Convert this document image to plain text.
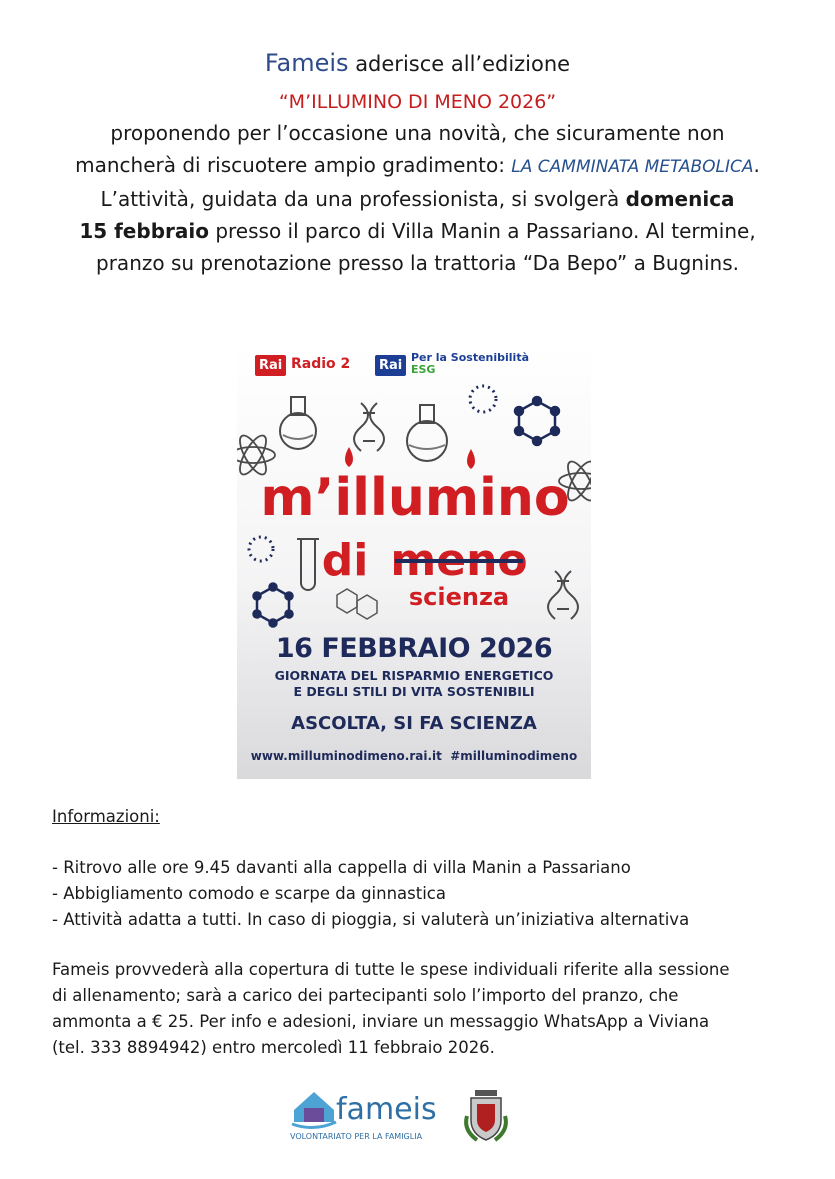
Fameis aderisce all’edizione
“M’ILLUMINO DI MENO 2026”
proponendo per l’occasione una novità, che sicuramente non
mancherà di riscuotere ampio gradimento: LA CAMMINATA METABOLICA.
L’attività, guidata da una professionista, si svolgerà domenica
15 febbraio presso il parco di Villa Manin a Passariano. Al termine,
pranzo su prenotazione presso la trattoria “Da Bepo” a Bugnins.
m’illumino
di meno
scienza
Rai Radio 2	Rai
Per la Sostenibilità
ESG
16 FEBBRAIO 2026
GIORNATA DEL RISPARMIO ENERGETICO
E DEGLI STILI DI VITA SOSTENIBILI
ASCOLTA, SI FA SCIENZA
www.milluminodimeno.rai.it  #milluminodimeno
Informazioni:
- Ritrovo alle ore 9.45 davanti alla cappella di villa Manin a Passariano
- Abbigliamento comodo e scarpe da ginnastica
- Attività adatta a tutti. In caso di pioggia, si valuterà un’iniziativa alternativa

Fameis provvederà alla copertura di tutte le spese individuali riferite alla sessione
di allenamento; sarà a carico dei partecipanti solo l’importo del pranzo, che
ammonta a € 25. Per info e adesioni, inviare un messaggio WhatsApp a Viviana
(tel. 333 8894942) entro mercoledì 11 febbraio 2026.

fameis
VOLONTARIATO PER LA FAMIGLIA
